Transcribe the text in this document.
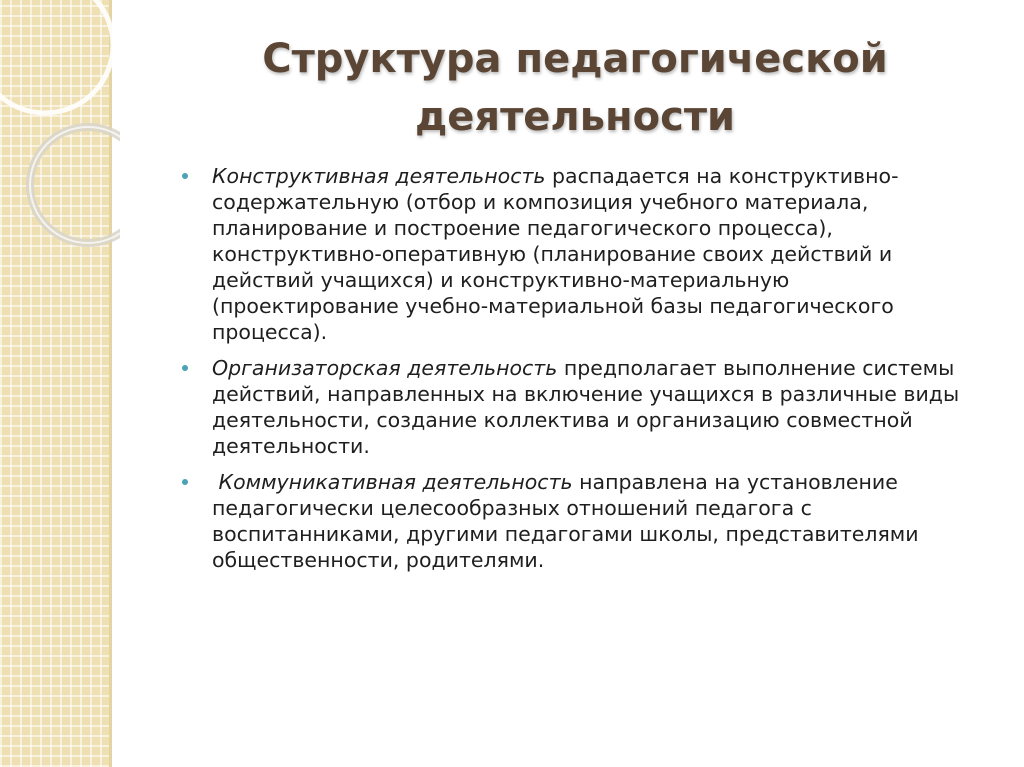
Структура педагогической
деятельности
Конструктивная деятельность распадается на конструктивно-содержательную (отбор и композиция учебного материала, планирование и построение педагогического процесса), конструктивно-оперативную (планирование своих действий и действий учащихся) и конструктивно-материальную (проектирование учебно-материальной базы педагогического процесса).
Организаторская деятельность предполагает выполнение системы действий, направленных на включение учащихся в различные виды деятельности, создание коллектива и организацию совместной деятельности.
Коммуникативная деятельность направлена на установление педагогически целесообразных отношений педагога с воспитанниками, другими педагогами школы, представителями общественности, родителями.
